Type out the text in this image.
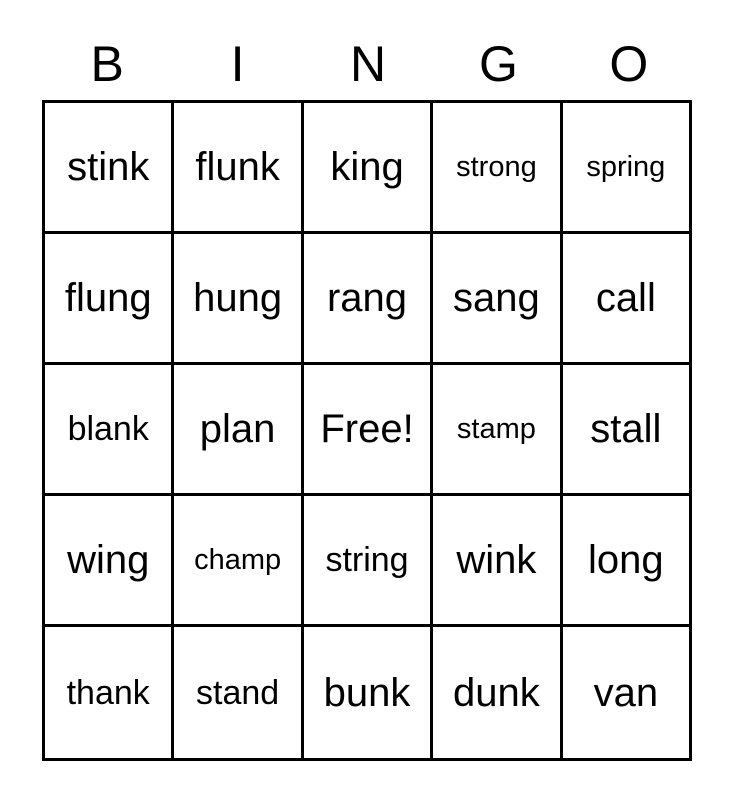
B	I	N	G	O
stink flunk king strong spring
flung hung rang sang call
blank plan Free! stamp stall
wing champ string wink long
thank stand bunk dunk van
